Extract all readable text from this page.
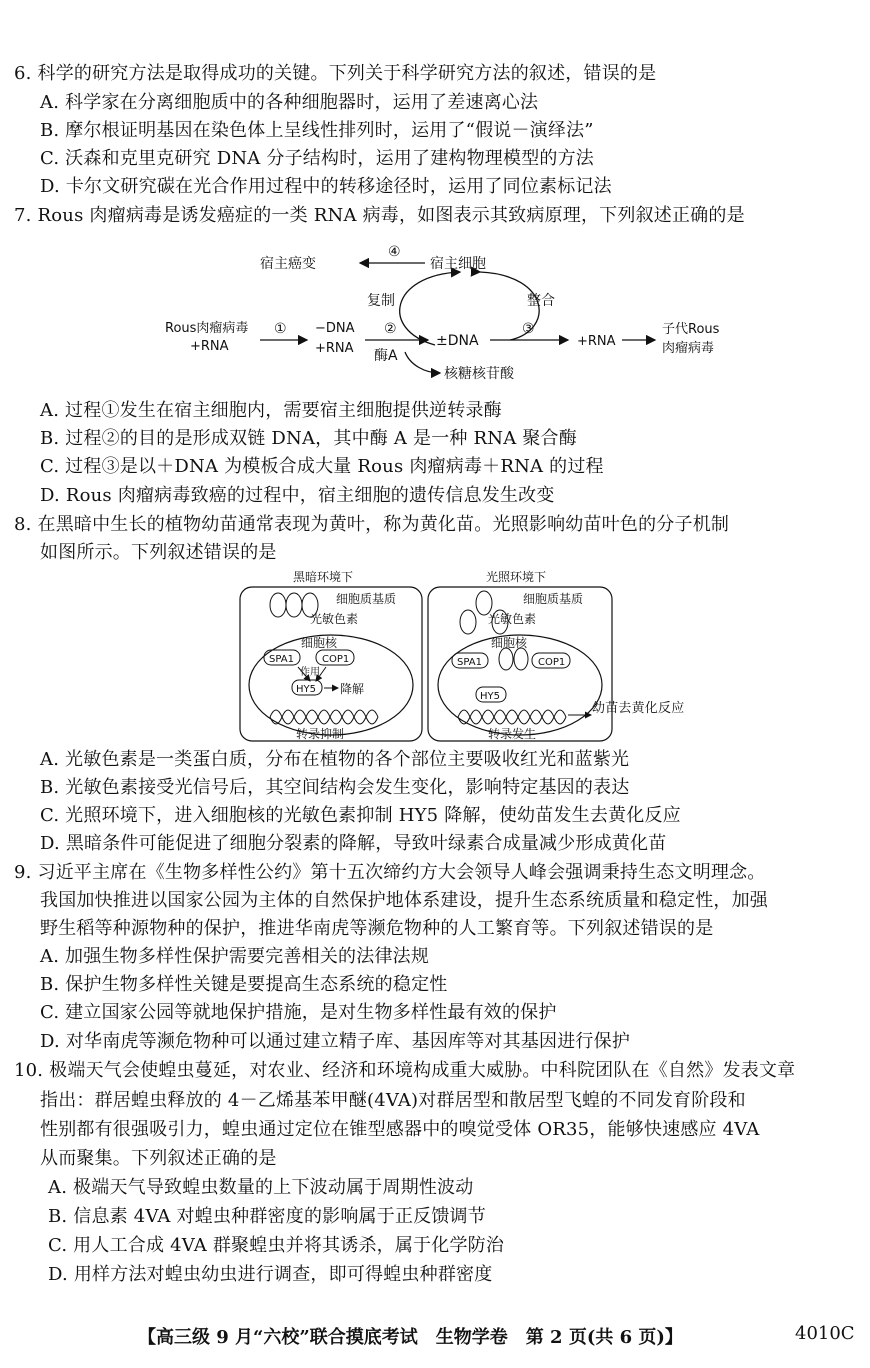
6. 科学的研究方法是取得成功的关键。下列关于科学研究方法的叙述，错误的是
A. 科学家在分离细胞质中的各种细胞器时，运用了差速离心法
B. 摩尔根证明基因在染色体上呈线性排列时，运用了“假说－演绎法”
C. 沃森和克里克研究 DNA 分子结构时，运用了建构物理模型的方法
D. 卡尔文研究碳在光合作用过程中的转移途径时，运用了同位素标记法
7. Rous 肉瘤病毒是诱发癌症的一类 RNA 病毒，如图表示其致病原理，下列叙述正确的是
宿主癌变
④
宿主细胞
复制	整合
Rous肉瘤病毒
+RNA
① −DNA
+RNA
②
酶A
核糖核苷酸
±DNA
③
+RNA
子代Rous
肉瘤病毒
A. 过程①发生在宿主细胞内，需要宿主细胞提供逆转录酶
B. 过程②的目的是形成双链 DNA，其中酶 A 是一种 RNA 聚合酶
C. 过程③是以＋DNA 为模板合成大量 Rous 肉瘤病毒＋RNA 的过程
D. Rous 肉瘤病毒致癌的过程中，宿主细胞的遗传信息发生改变
8. 在黑暗中生长的植物幼苗通常表现为黄叶，称为黄化苗。光照影响幼苗叶色的分子机制
如图所示。下列叙述错误的是
黑暗环境下
细胞质基质
光敏色素
细胞核
SPA1	COP1
作用
HY5 降解
转录抑制
光照环境下
细胞质基质
光敏色素
细胞核
SPA1	COP1
HY5
转录发生
幼苗去黄化反应
A. 光敏色素是一类蛋白质，分布在植物的各个部位主要吸收红光和蓝紫光
B. 光敏色素接受光信号后，其空间结构会发生变化，影响特定基因的表达
C. 光照环境下，进入细胞核的光敏色素抑制 HY5 降解，使幼苗发生去黄化反应
D. 黑暗条件可能促进了细胞分裂素的降解，导致叶绿素合成量减少形成黄化苗
9. 习近平主席在《生物多样性公约》第十五次缔约方大会领导人峰会强调秉持生态文明理念。
我国加快推进以国家公园为主体的自然保护地体系建设，提升生态系统质量和稳定性，加强
野生稻等种源物种的保护，推进华南虎等濒危物种的人工繁育等。下列叙述错误的是
A. 加强生物多样性保护需要完善相关的法律法规
B. 保护生物多样性关键是要提高生态系统的稳定性
C. 建立国家公园等就地保护措施，是对生物多样性最有效的保护
D. 对华南虎等濒危物种可以通过建立精子库、基因库等对其基因进行保护
10. 极端天气会使蝗虫蔓延，对农业、经济和环境构成重大威胁。中科院团队在《自然》发表文章
指出：群居蝗虫释放的 4－乙烯基苯甲醚(4VA)对群居型和散居型飞蝗的不同发育阶段和
性别都有很强吸引力，蝗虫通过定位在锥型感器中的嗅觉受体 OR35，能够快速感应 4VA
从而聚集。下列叙述正确的是
A. 极端天气导致蝗虫数量的上下波动属于周期性波动
B. 信息素 4VA 对蝗虫种群密度的影响属于正反馈调节
C. 用人工合成 4VA 群聚蝗虫并将其诱杀，属于化学防治
D. 用样方法对蝗虫幼虫进行调查，即可得蝗虫种群密度
【高三级 9 月“六校”联合摸底考试　生物学卷　第 2 页(共 6 页)】	4010C
